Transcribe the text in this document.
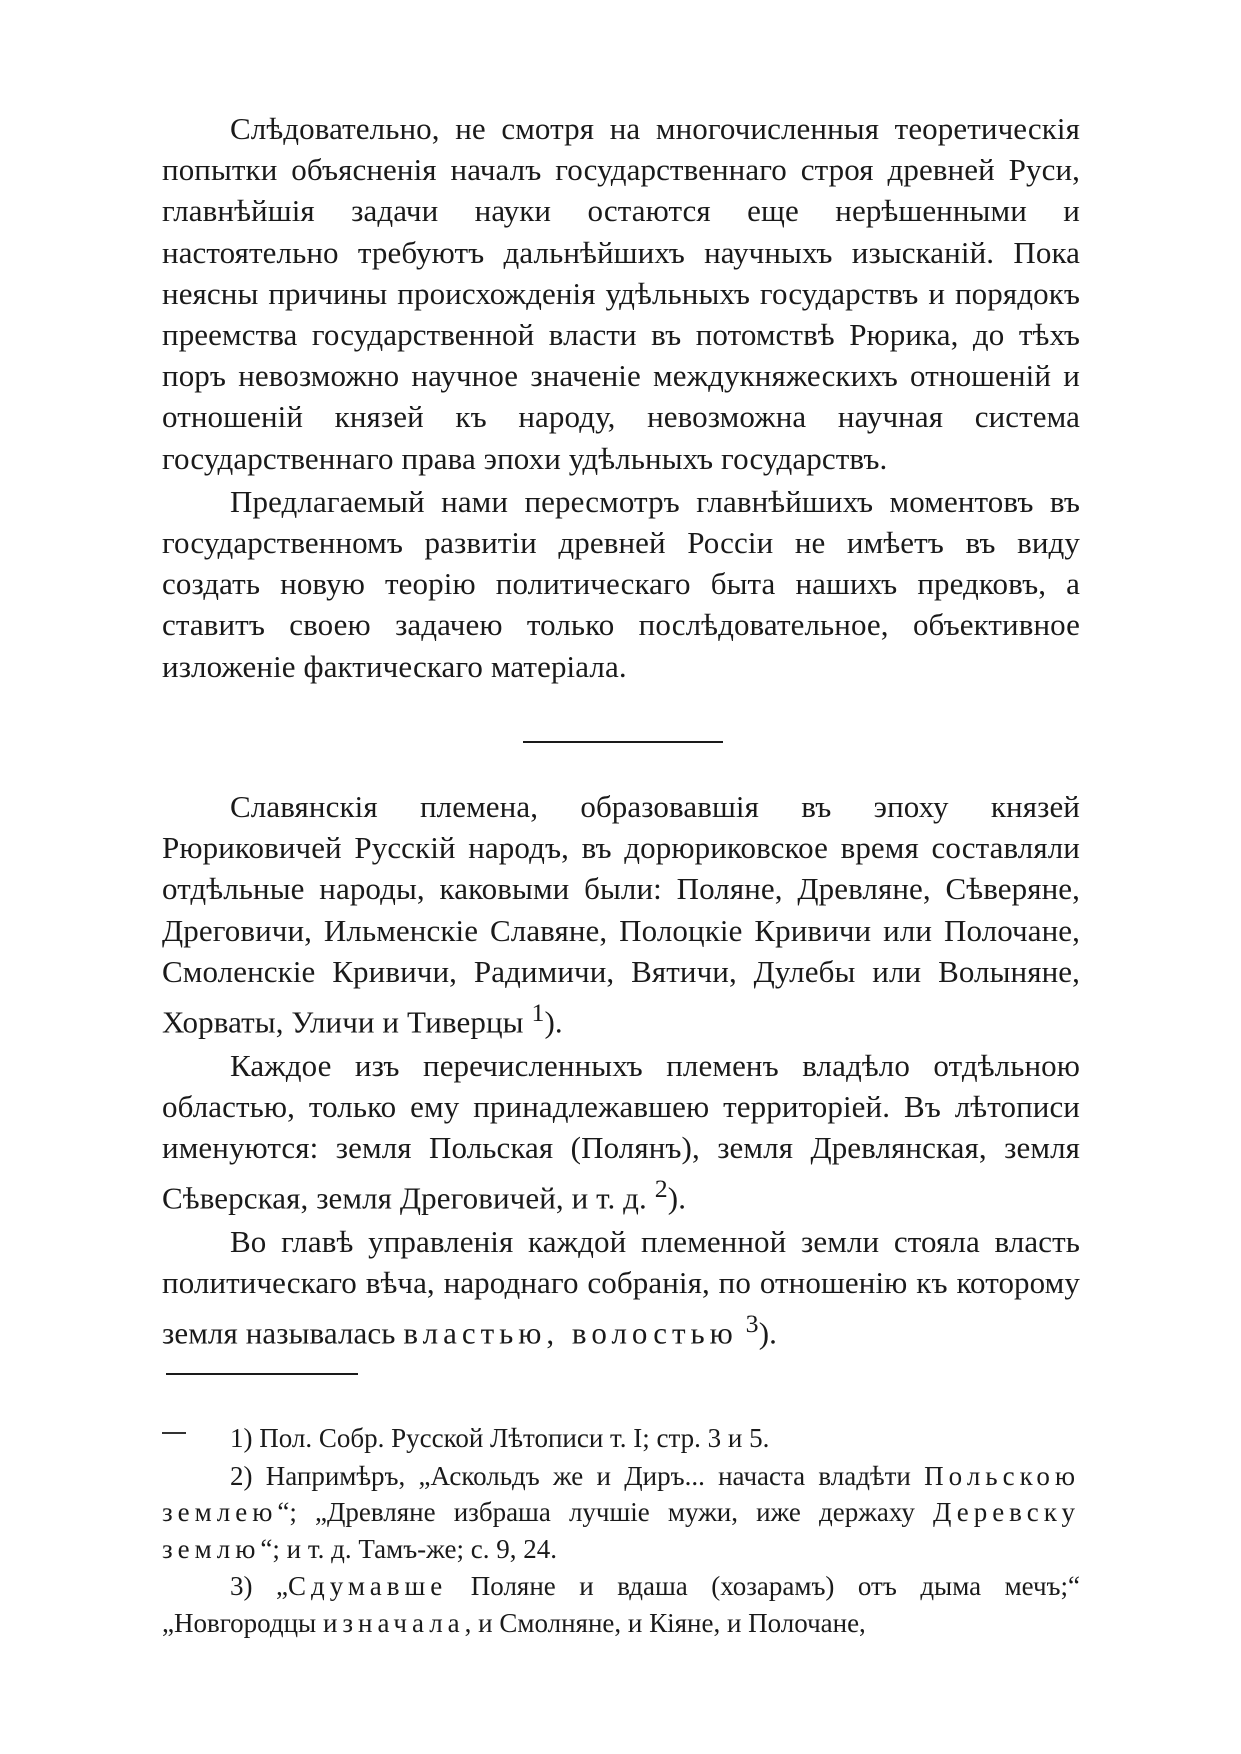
Слѣдовательно, не смотря на многочисленныя теоретическія попытки объясненія началъ государственнаго строя древней Руси, главнѣйшія задачи науки остаются еще нерѣшенными и настоятельно требуютъ дальнѣйшихъ научныхъ изысканій. Пока неясны причины происхожденія удѣльныхъ государствъ и порядокъ преемства государственной власти въ потомствѣ Рюрика, до тѣхъ поръ невозможно научное значеніе междукняжескихъ отношеній и отношеній князей къ народу, невозможна научная система государственнаго права эпохи удѣльныхъ государствъ.

Предлагаемый нами пересмотръ главнѣйшихъ моментовъ въ государственномъ развитіи древней Россіи не имѣетъ въ виду создать новую теорію политическаго быта нашихъ предковъ, а ставитъ своею задачею только послѣдовательное, объективное изложеніе фактическаго матеріала.

Славянскія племена, образовавшія въ эпоху князей Рюриковичей Русскій народъ, въ дорюриковское время составляли отдѣльные народы, каковыми были: Поляне, Древляне, Сѣверяне, Дреговичи, Ильменскіе Славяне, Полоцкіе Кривичи или Полочане, Смоленскіе Кривичи, Радимичи, Вятичи, Дулебы или Волыняне, Хорваты, Уличи и Тиверцы $^1$).

Каждое изъ перечисленныхъ племенъ владѣло отдѣльною областью, только ему принадлежавшею территоріей. Въ лѣтописи именуются: земля Польская (Полянъ), земля Древлянская, земля Сѣверская, земля Дреговичей, и т. д. $^2$).

Во главѣ управленія каждой племенной земли стояла власть политическаго вѣча, народнаго собранія, по отношенію къ которому земля называлась властью, волостью $^3$).

1) Пол. Собр. Русской Лѣтописи т. I; стр. 3 и 5.

2) Напримѣръ, „Аскольдъ же и Диръ... начаста владѣти Польскою землею“; „Древляне избраша лучшіе мужи, иже держаху Деревску землю“; и т. д. Тамъ-же; с. 9, 24.

3) „Сдумавше Поляне и вдаша (хозарамъ) отъ дыма мечъ;“ „Новгородцы изначала, и Смолняне, и Кіяне, и Полочане,
